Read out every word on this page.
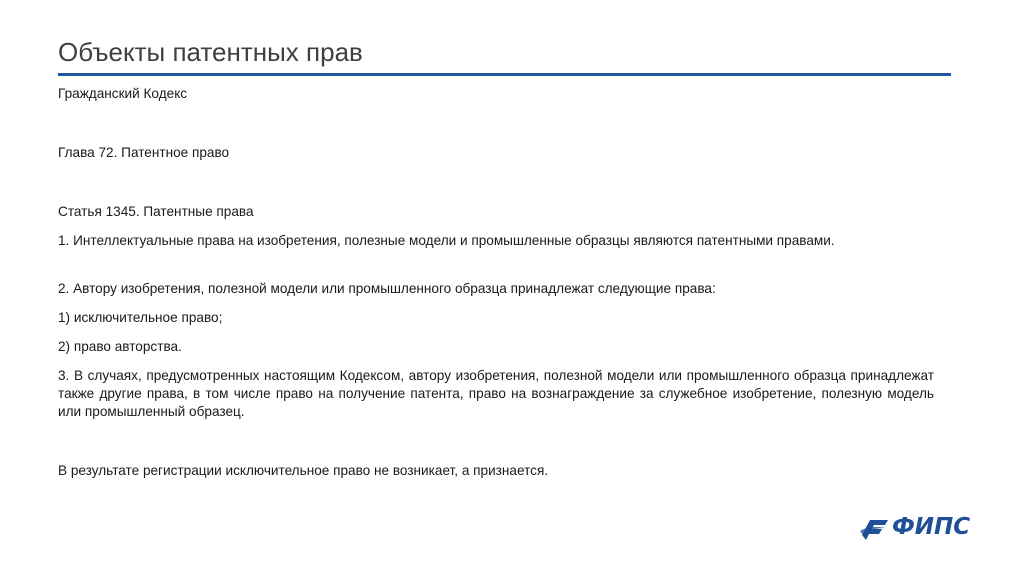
Объекты патентных прав
Гражданский Кодекс
Глава 72. Патентное право
Статья 1345. Патентные права
1. Интеллектуальные права на изобретения, полезные модели и промышленные образцы являются патентными правами.
2. Автору изобретения, полезной модели или промышленного образца принадлежат следующие права:
1) исключительное право;
2) право авторства.
3. В случаях, предусмотренных настоящим Кодексом, автору изобретения, полезной модели или промышленного образца принадлежат также другие права, в том числе право на получение патента, право на вознаграждение за служебное изобретение, полезную модель или промышленный образец.
В результате регистрации исключительное право не возникает, а признается.
ФИПС
